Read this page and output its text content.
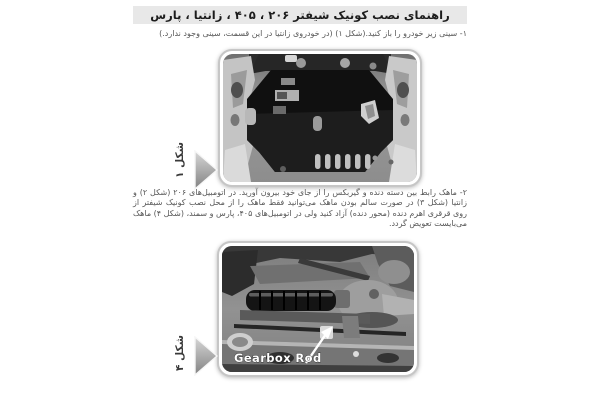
راهنمای نصب کونیک شیفتر ۲۰۶ ، ۴۰۵ ، زانتیا ، پارس
۱- سینی زیر خودرو را باز کنید.(شکل ۱) (در خودروی زانتیا در این قسمت، سینی وجود ندارد.)
شکل ۱
۲- ماهک رابط بین دسته دنده و گیربکس را از جای خود بیرون آورید. در اتومبیل‌های ۲۰۶ (شکل ۲) و زانتیا (شکل ۳) در صورت سالم بودن ماهک می‌توانید فقط ماهک را از محل نصب کونیک شیفتر از روی قرقری اهرم دنده (محور دنده) آزاد کنید ولی در اتومبیل‌های ۴۰۵، پارس و سمند، (شکل ۴) ماهک می‌بایست تعویض گردد.
Gearbox Rod
شکل ۴
